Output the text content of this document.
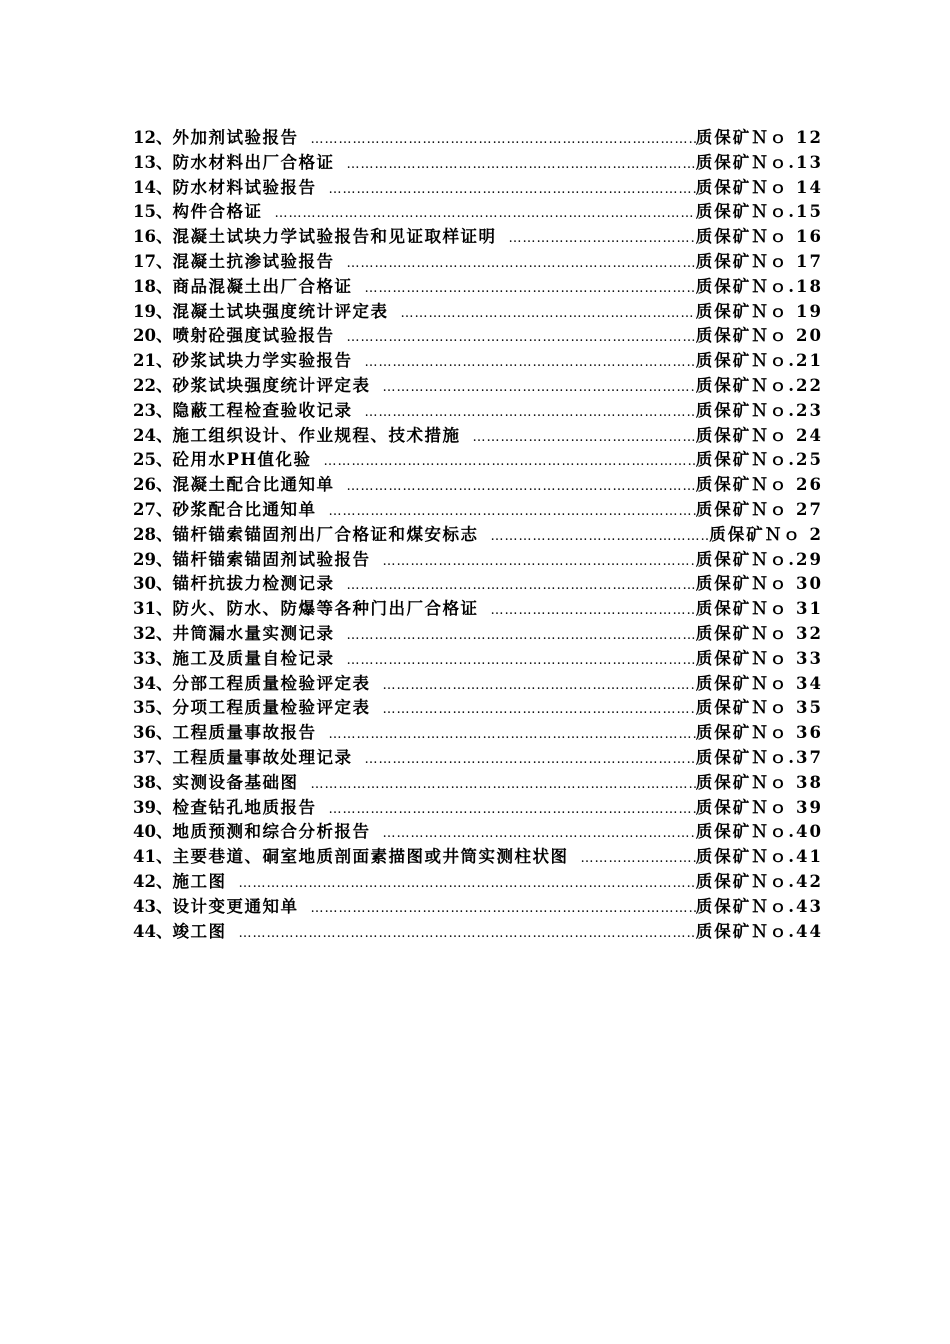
12、 外加剂试验报告 ……………………………………………………………………………………………………………………………………	质保矿Ｎｏ 12
13、 防水材料出厂合格证 ……………………………………………………………………………………………………………………………………	质保矿Ｎｏ.13
14、 防水材料试验报告 ……………………………………………………………………………………………………………………………………	质保矿Ｎｏ 14
15、 构件合格证 ……………………………………………………………………………………………………………………………………	质保矿Ｎｏ.15
16、 混凝土试块力学试验报告和见证取样证明 ……………………………………………………………………………………………………………………………………	质保矿Ｎｏ 16
17、 混凝土抗渗试验报告 ……………………………………………………………………………………………………………………………………	质保矿Ｎｏ 17
18、 商品混凝土出厂合格证 ……………………………………………………………………………………………………………………………………	质保矿Ｎｏ.18
19、 混凝土试块强度统计评定表 ……………………………………………………………………………………………………………………………………	质保矿Ｎｏ 19
20、 喷射砼强度试验报告 ……………………………………………………………………………………………………………………………………	质保矿Ｎｏ 20
21、 砂浆试块力学实验报告 ……………………………………………………………………………………………………………………………………	质保矿Ｎｏ.21
22、 砂浆试块强度统计评定表 ……………………………………………………………………………………………………………………………………	质保矿Ｎｏ.22
23、 隐蔽工程检查验收记录 ……………………………………………………………………………………………………………………………………	质保矿Ｎｏ.23
24、 施工组织设计、作业规程、技术措施 ……………………………………………………………………………………………………………………………………	质保矿Ｎｏ 24
25、 砼用水PH值化验 ……………………………………………………………………………………………………………………………………	质保矿Ｎｏ.25
26、 混凝土配合比通知单 ……………………………………………………………………………………………………………………………………	质保矿Ｎｏ 26
27、 砂浆配合比通知单 ……………………………………………………………………………………………………………………………………	质保矿Ｎｏ 27
28、 锚杆锚索锚固剂出厂合格证和煤安标志 ……………………………………………………………………………………………………………………………………	质保矿Ｎｏ 2
29、 锚杆锚索锚固剂试验报告 ……………………………………………………………………………………………………………………………………	质保矿Ｎｏ.29
30、 锚杆抗拔力检测记录 ……………………………………………………………………………………………………………………………………	质保矿Ｎｏ 30
31、 防火、防水、防爆等各种门出厂合格证 ……………………………………………………………………………………………………………………………………	质保矿Ｎｏ 31
32、 井筒漏水量实测记录 ……………………………………………………………………………………………………………………………………	质保矿Ｎｏ 32
33、 施工及质量自检记录 ……………………………………………………………………………………………………………………………………	质保矿Ｎｏ 33
34、 分部工程质量检验评定表 ……………………………………………………………………………………………………………………………………	质保矿Ｎｏ 34
35、 分项工程质量检验评定表 ……………………………………………………………………………………………………………………………………	质保矿Ｎｏ 35
36、 工程质量事故报告 ……………………………………………………………………………………………………………………………………	质保矿Ｎｏ 36
37、 工程质量事故处理记录 ……………………………………………………………………………………………………………………………………	质保矿Ｎｏ.37
38、 实测设备基础图 ……………………………………………………………………………………………………………………………………	质保矿Ｎｏ 38
39、 检查钻孔地质报告 ……………………………………………………………………………………………………………………………………	质保矿Ｎｏ 39
40、 地质预测和综合分析报告 ……………………………………………………………………………………………………………………………………	质保矿Ｎｏ.40
41、 主要巷道、硐室地质剖面素描图或井筒实测柱状图 ……………………………………………………………………………………………………………………………………	质保矿Ｎｏ.41
42、 施工图 ……………………………………………………………………………………………………………………………………	质保矿Ｎｏ.42
43、 设计变更通知单 ……………………………………………………………………………………………………………………………………	质保矿Ｎｏ.43
44、 竣工图 ……………………………………………………………………………………………………………………………………	质保矿Ｎｏ.44
